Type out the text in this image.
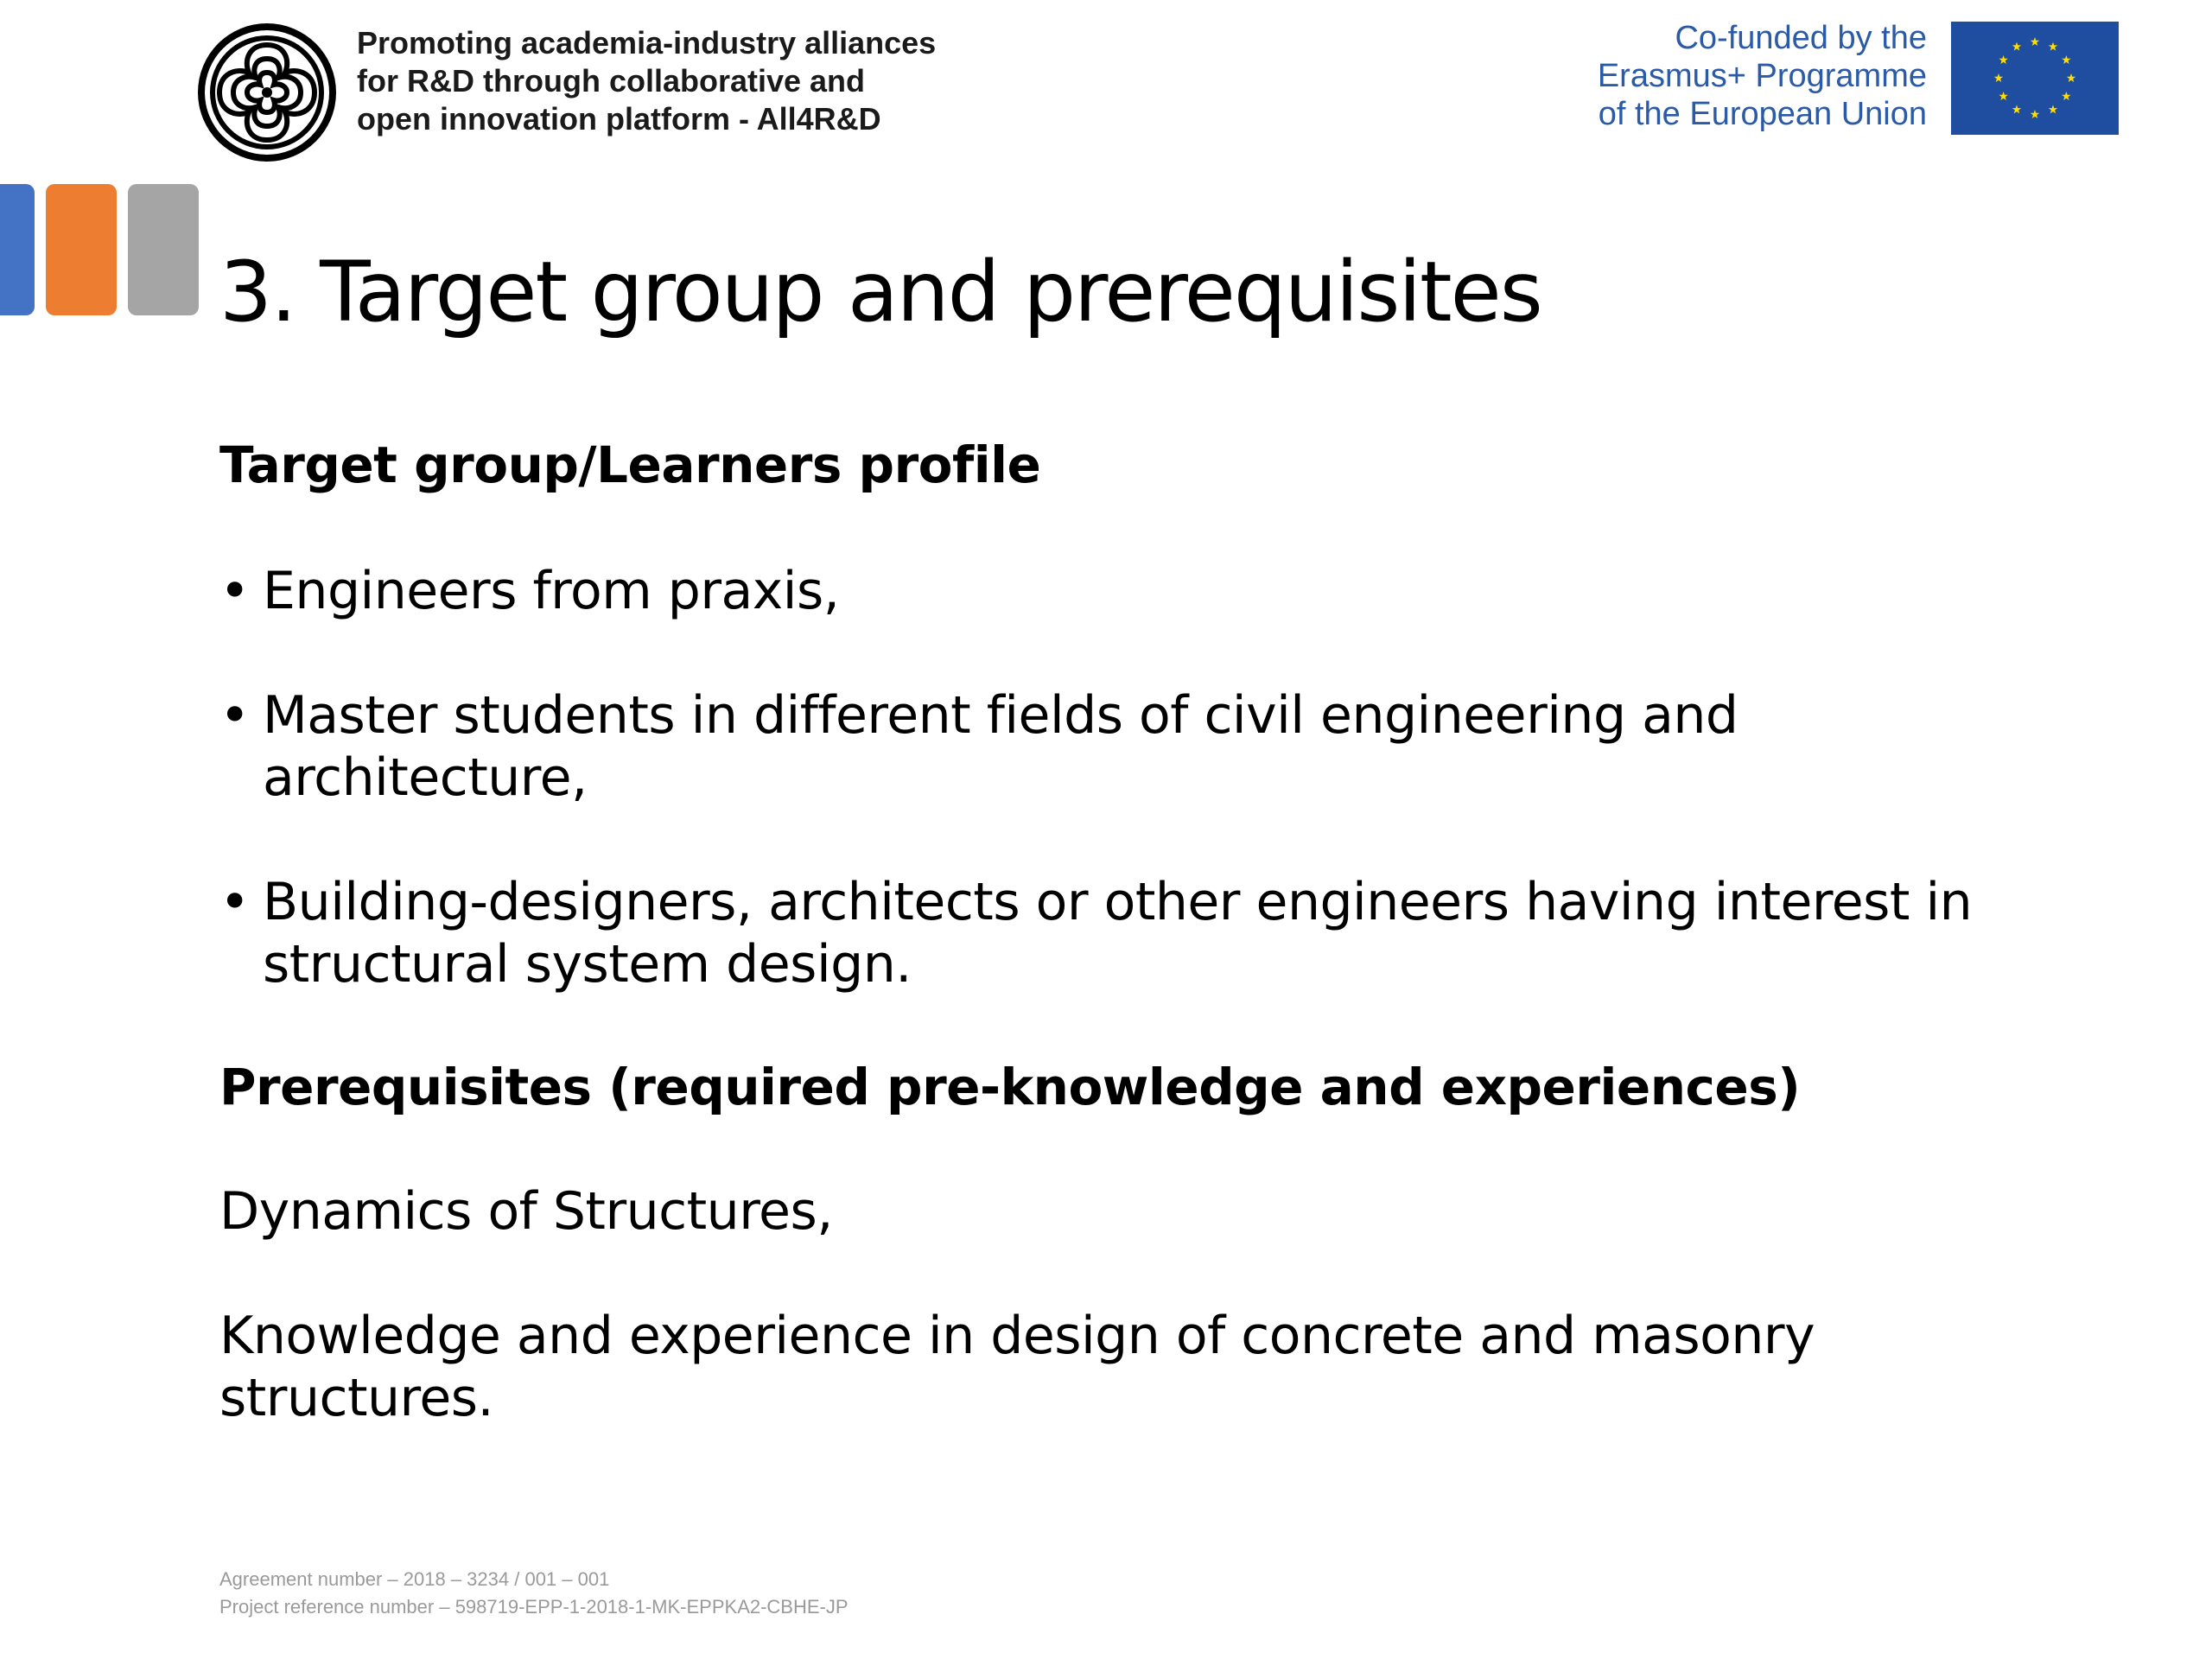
Promoting academia-industry alliances
for R&D through collaborative and
open innovation platform - All4R&D
Co-funded by the
Erasmus+ Programme
of the European Union
3. Target group and prerequisites
Target group/Learners profile
• Engineers from praxis,
• Master students in different fields of civil engineering and architecture,
• Building-designers, architects or other engineers having interest in structural system design.
Prerequisites (required pre-knowledge and experiences)
Dynamics of Structures,
Knowledge and experience in design of concrete and masonry structures.
Agreement number – 2018 – 3234 / 001 – 001
Project reference number – 598719-EPP-1-2018-1-MK-EPPKA2-CBHE-JP
